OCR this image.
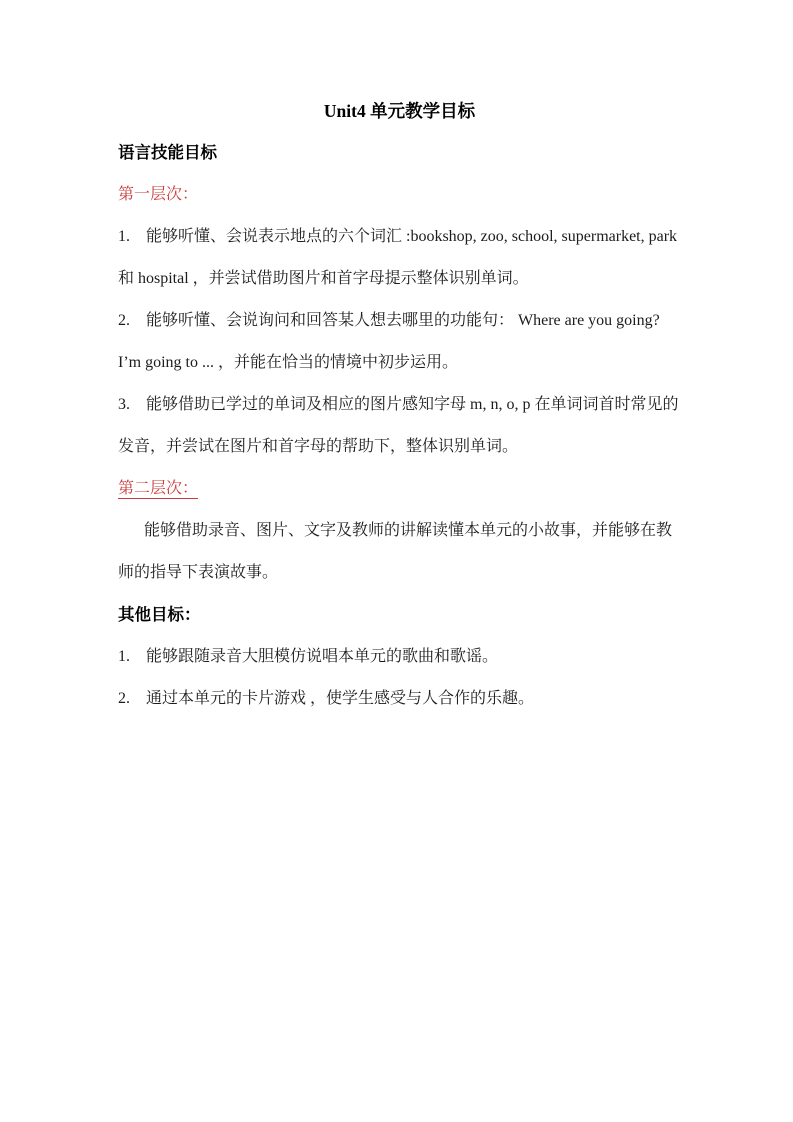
Unit4 单元教学目标
语言技能目标

第一层次：

1. 能够听懂、会说表示地点的六个词汇 :bookshop, zoo, school, supermarket, park 和 hospital ，并尝试借助图片和首字母提示整体识别单词。

2. 能够听懂、会说询问和回答某人想去哪里的功能句： Where are you going? I’m going to ... ，并能在恰当的情境中初步运用。

3. 能够借助已学过的单词及相应的图片感知字母 m, n, o, p 在单词词首时常见的发音，并尝试在图片和首字母的帮助下，整体识别单词。

第二层次：

能够借助录音、图片、文字及教师的讲解读懂本单元的小故事，并能够在教师的指导下表演故事。

其他目标：

1. 能够跟随录音大胆模仿说唱本单元的歌曲和歌谣。

2. 通过本单元的卡片游戏 ，使学生感受与人合作的乐趣。
